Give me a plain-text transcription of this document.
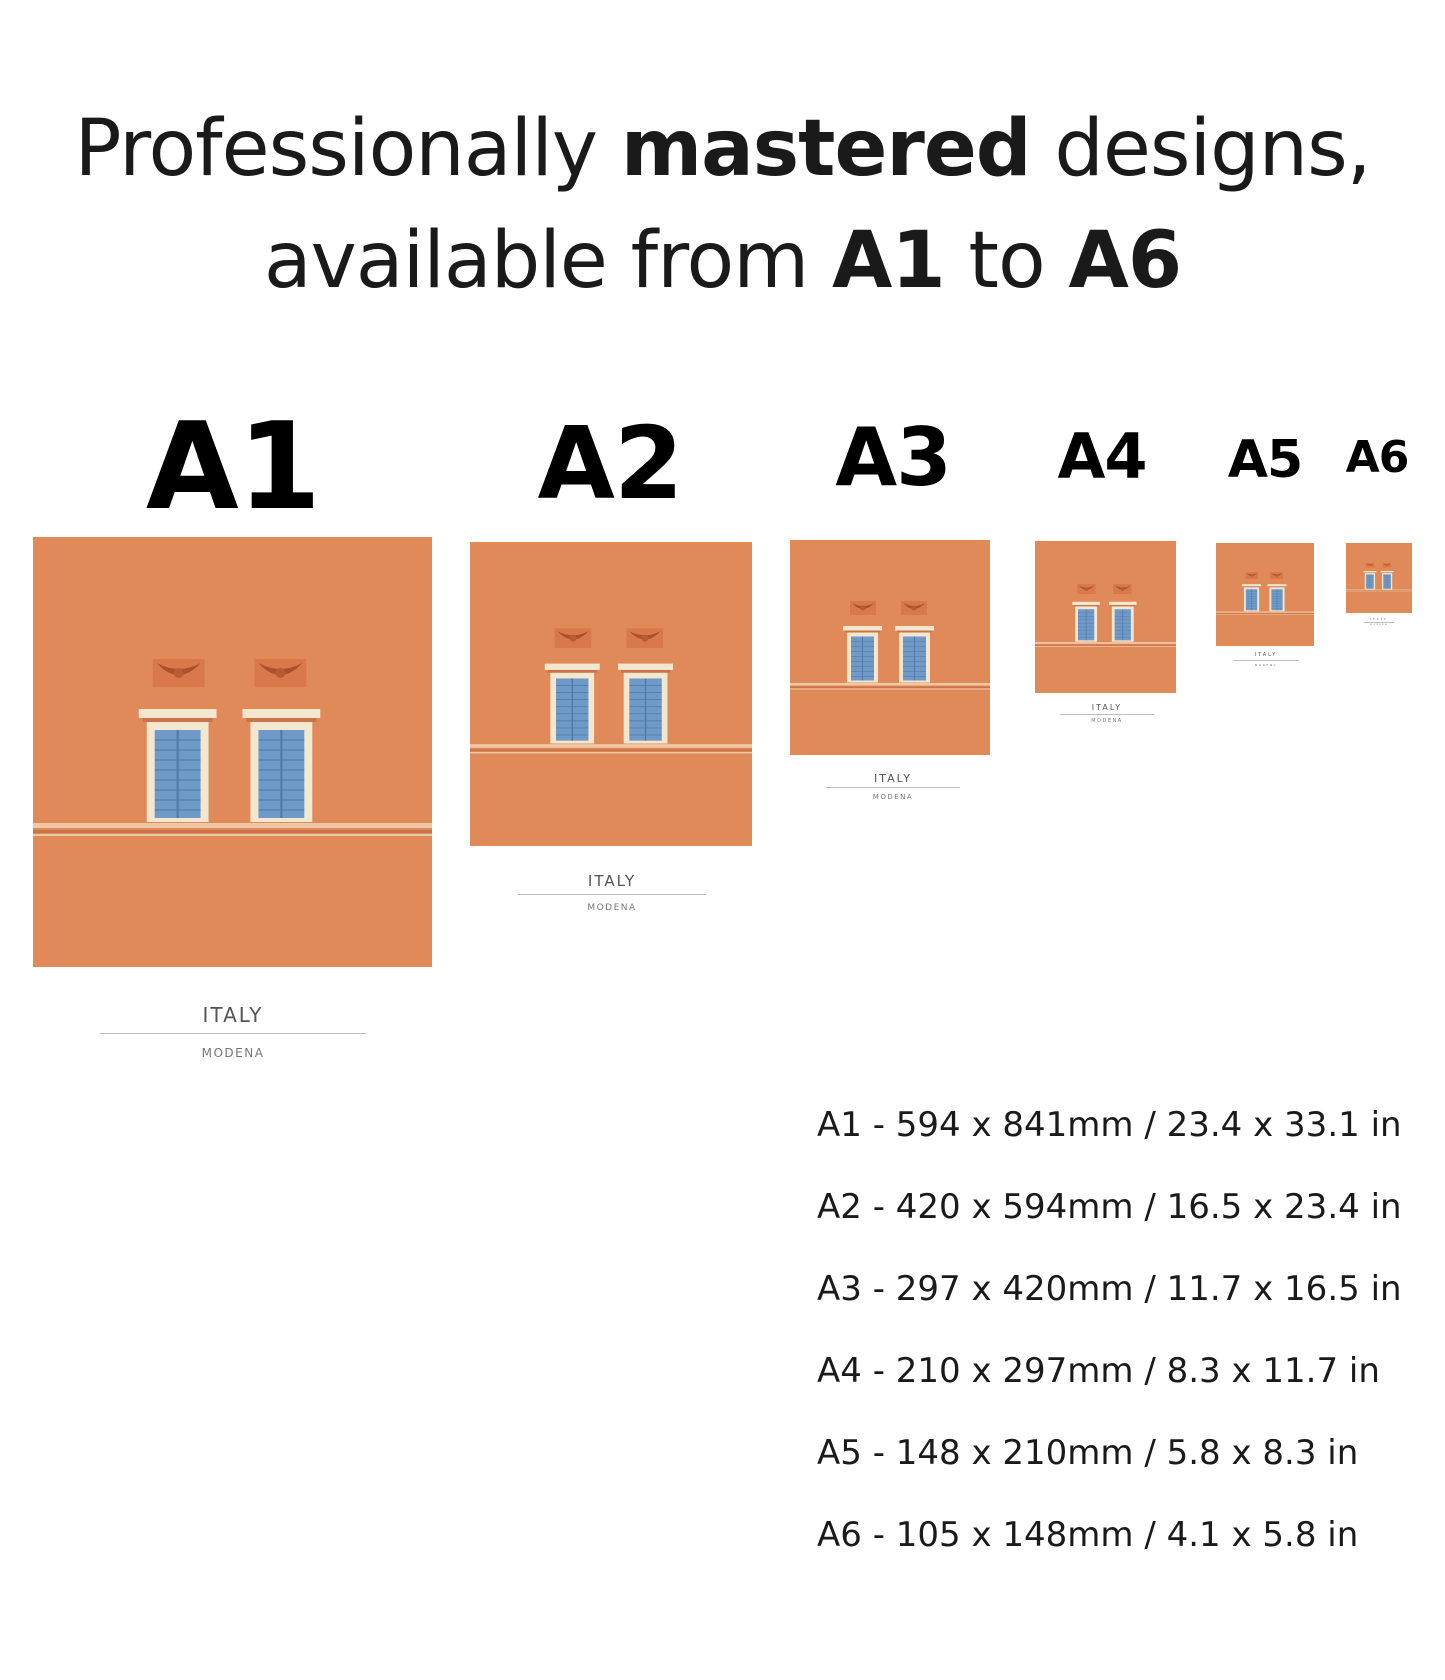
Professionally mastered designs,
available from A1 to A6
A1 A2 A3 A4	A5 A6
ITALY
MODENA
ITALY
MODENA
ITALY
MODENA
ITALY
MODENA
ITALY
MODENA
ITALY
MODENA
A1 - 594 x 841mm / 23.4 x 33.1 in
A2 - 420 x 594mm / 16.5 x 23.4 in
A3 - 297 x 420mm / 11.7 x 16.5 in
A4 - 210 x 297mm / 8.3 x 11.7 in
A5 - 148 x 210mm / 5.8 x 8.3 in
A6 - 105 x 148mm / 4.1 x 5.8 in
